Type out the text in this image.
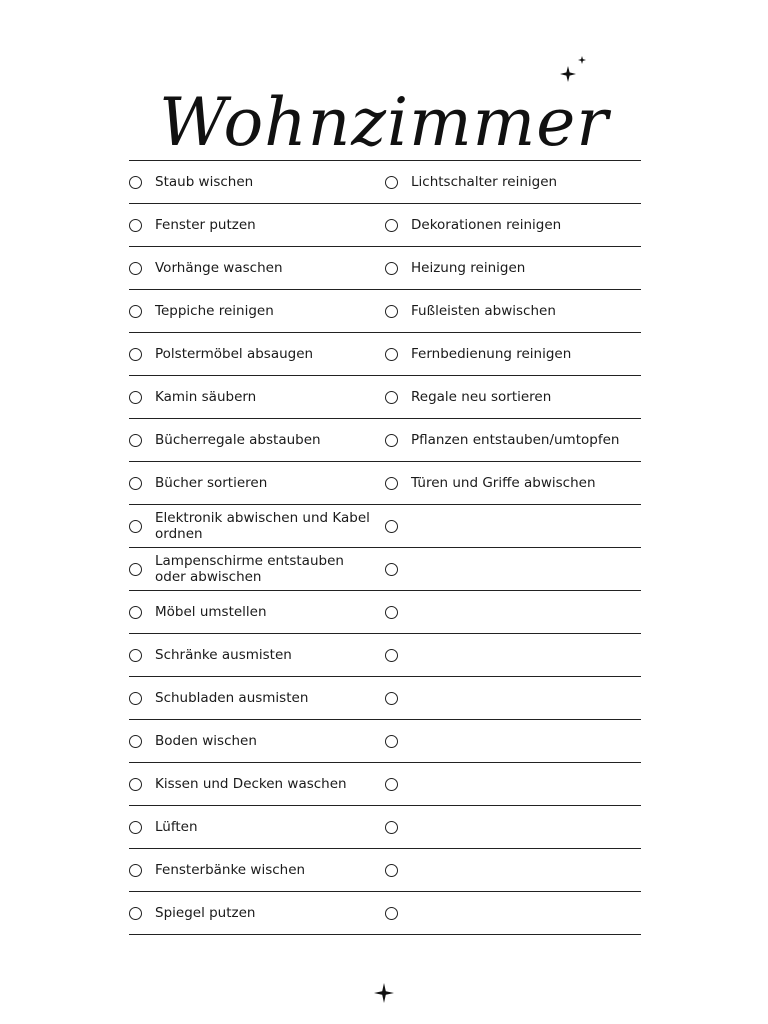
Wohnzimmer
Staub wischen	Lichtschalter reinigen
Fenster putzen	Dekorationen reinigen
Vorhänge waschen	Heizung reinigen
Teppiche reinigen	Fußleisten abwischen
Polstermöbel absaugen	Fernbedienung reinigen
Kamin säubern	Regale neu sortieren
Bücherregale abstauben	Pflanzen entstauben/umtopfen
Bücher sortieren	Türen und Griffe abwischen
Elektronik abwischen und Kabel ordnen
Lampenschirme entstauben oder abwischen
Möbel umstellen
Schränke ausmisten
Schubladen ausmisten
Boden wischen
Kissen und Decken waschen
Lüften
Fensterbänke wischen
Spiegel putzen
